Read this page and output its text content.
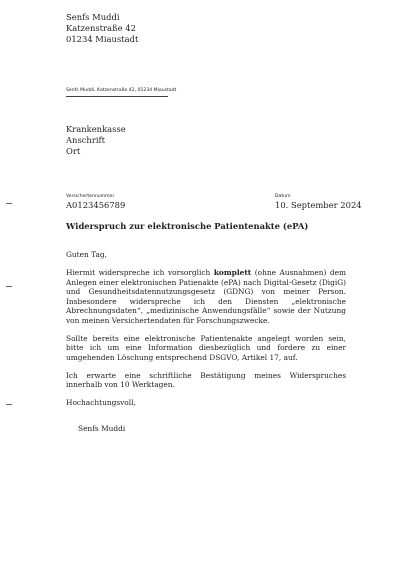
Senfs Muddi
Katzenstraße 42
01234 Miaustadt
Senfs Muddi, Katzenstraße 42, 01234 Miaustadt
Krankenkasse
Anschrift
Ort
Versichertennummer
A0123456789
Datum
10. September 2024
Widerspruch zur elektronische Patientenakte (ePA)

Guten Tag,

Hiermit widerspreche ich vorsorglich komplett (ohne Ausnahmen) dem Anlegen einer elektronischen Patienakte (ePA) nach Digital-Gesetz (DigiG) und Gesundheitsdatennutzungsgesetz (GDNG) von meiner Person. Insbesondere widerspreche ich den Diensten „elektronische Abrechnungsdaten“, „medizinische Anwendungsfälle“ sowie der Nutzung von meinen Versichertendaten für Forschungszwecke.

Sollte bereits eine elektronische Patientenakte angelegt worden sein, bitte ich um eine Information diesbezüglich und fordere zu einer umgehenden Löschung entsprechend DSGVO, Artikel 17, auf.

Ich erwarte eine schriftliche Bestätigung meines Widerspruches innerhalb von 10 Werktagen.

Hochachtungsvoll,

Senfs Muddi
